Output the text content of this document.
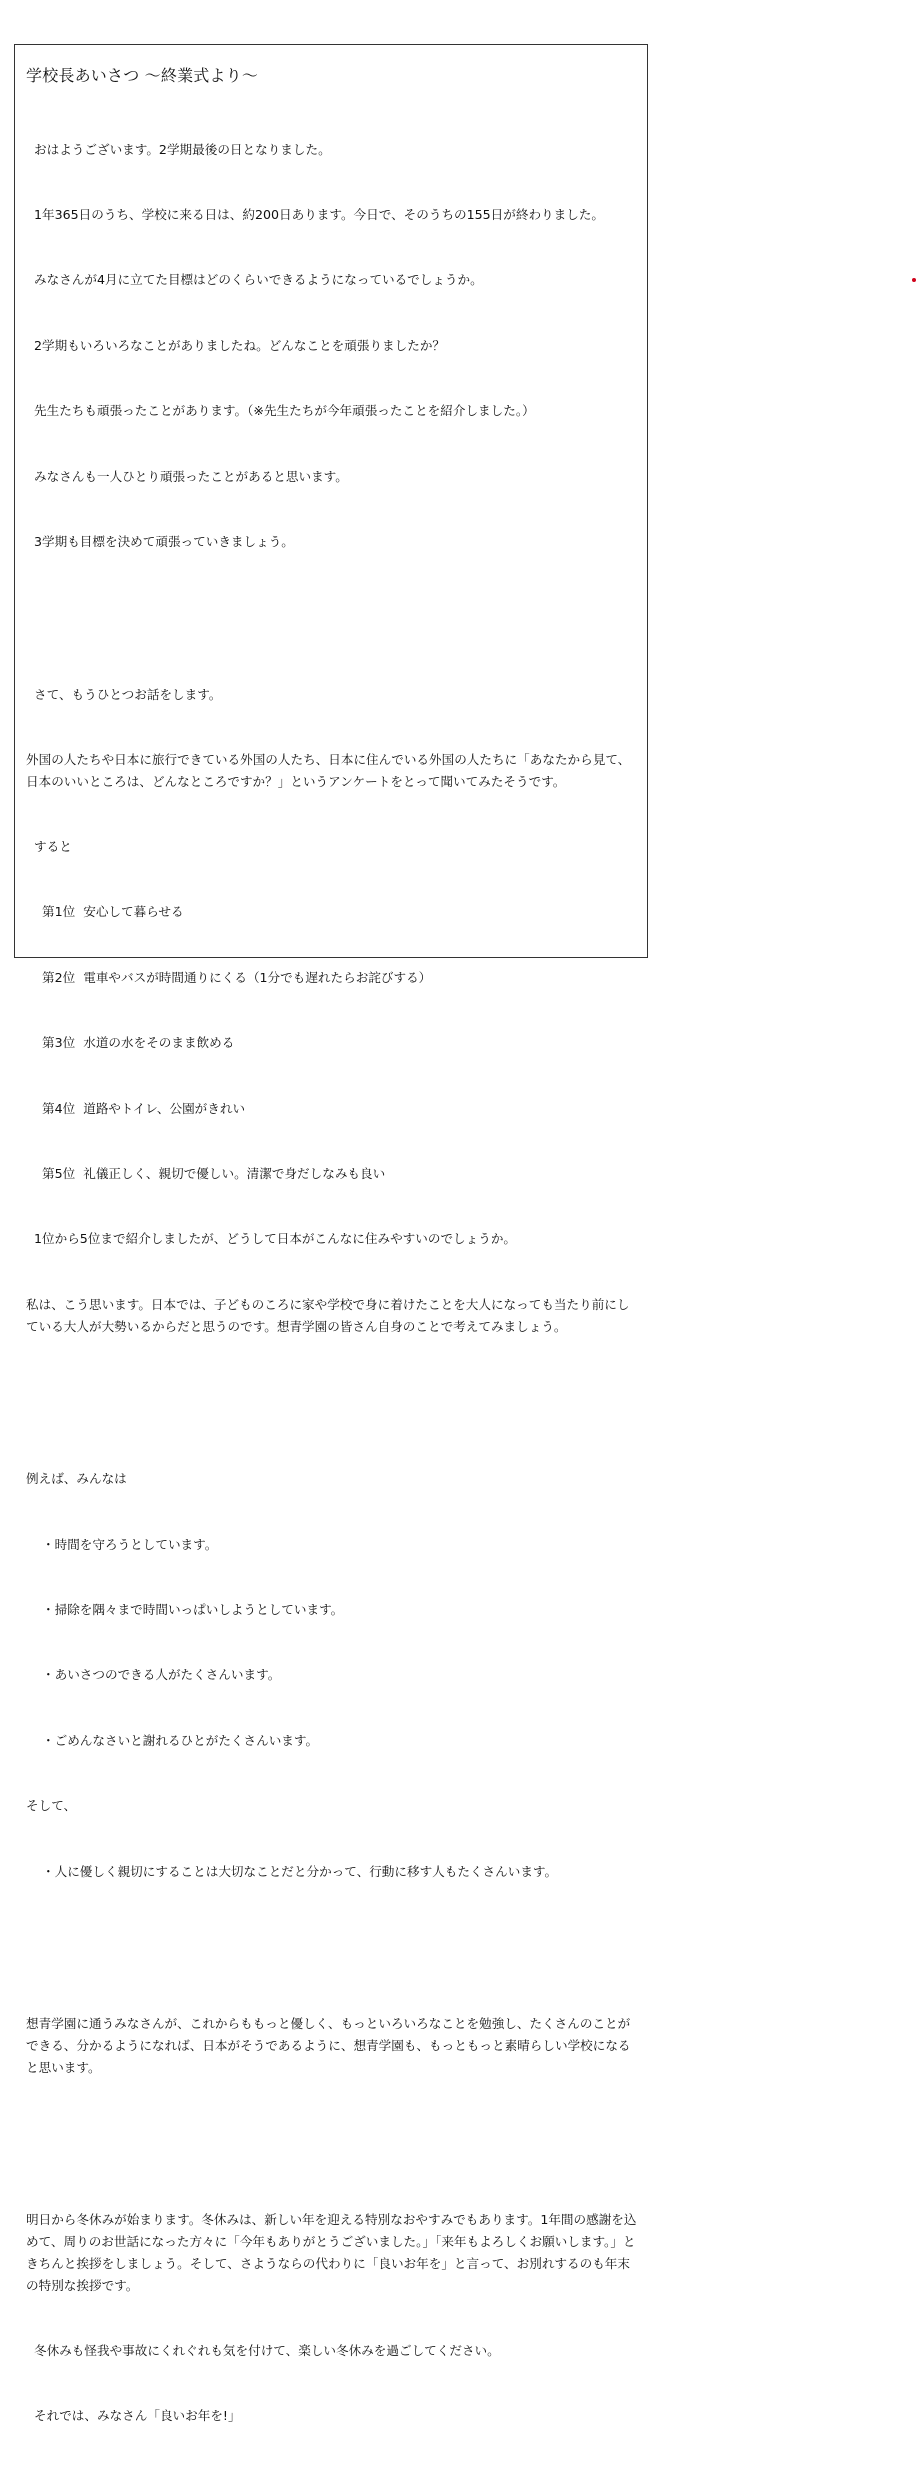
学校長あいさつ ～終業式より～

おはようございます。2学期最後の日となりました。

1年365日のうち、学校に来る日は、約200日あります。今日で、そのうちの155日が終わりました。

みなさんが4月に立てた目標はどのくらいできるようになっているでしょうか。

2学期もいろいろなことがありましたね。どんなことを頑張りましたか？

先生たちも頑張ったことがあります。（※先生たちが今年頑張ったことを紹介しました。）

みなさんも一人ひとり頑張ったことがあると思います。

3学期も目標を決めて頑張っていきましょう。

さて、もうひとつお話をします。

外国の人たちや日本に旅行できている外国の人たち、日本に住んでいる外国の人たちに「あなたから見て、日本のいいところは、どんなところですか？」というアンケートをとって聞いてみたそうです。

すると

第1位  安心して暮らせる

第2位  電車やバスが時間通りにくる（1分でも遅れたらお詫びする）

第3位  水道の水をそのまま飲める

第4位  道路やトイレ、公園がきれい

第5位  礼儀正しく、親切で優しい。清潔で身だしなみも良い

1位から5位まで紹介しましたが、どうして日本がこんなに住みやすいのでしょうか。

私は、こう思います。日本では、子どものころに家や学校で身に着けたことを大人になっても当たり前にしている大人が大勢いるからだと思うのです。想青学園の皆さん自身のことで考えてみましょう。

例えば、みんなは

・時間を守ろうとしています。

・掃除を隅々まで時間いっぱいしようとしています。

・あいさつのできる人がたくさんいます。

・ごめんなさいと謝れるひとがたくさんいます。

そして、

・人に優しく親切にすることは大切なことだと分かって、行動に移す人もたくさんいます。

想青学園に通うみなさんが、これからももっと優しく、もっといろいろなことを勉強し、たくさんのことができる、分かるようになれば、日本がそうであるように、想青学園も、もっともっと素晴らしい学校になると思います。

明日から冬休みが始まります。冬休みは、新しい年を迎える特別なおやすみでもあります。1年間の感謝を込めて、周りのお世話になった方々に「今年もありがとうございました。」「来年もよろしくお願いします。」ときちんと挨拶をしましょう。そして、さようならの代わりに「良いお年を」と言って、お別れするのも年末の特別な挨拶です。

冬休みも怪我や事故にくれぐれも気を付けて、楽しい冬休みを過ごしてください。

それでは、みなさん「良いお年を!」
